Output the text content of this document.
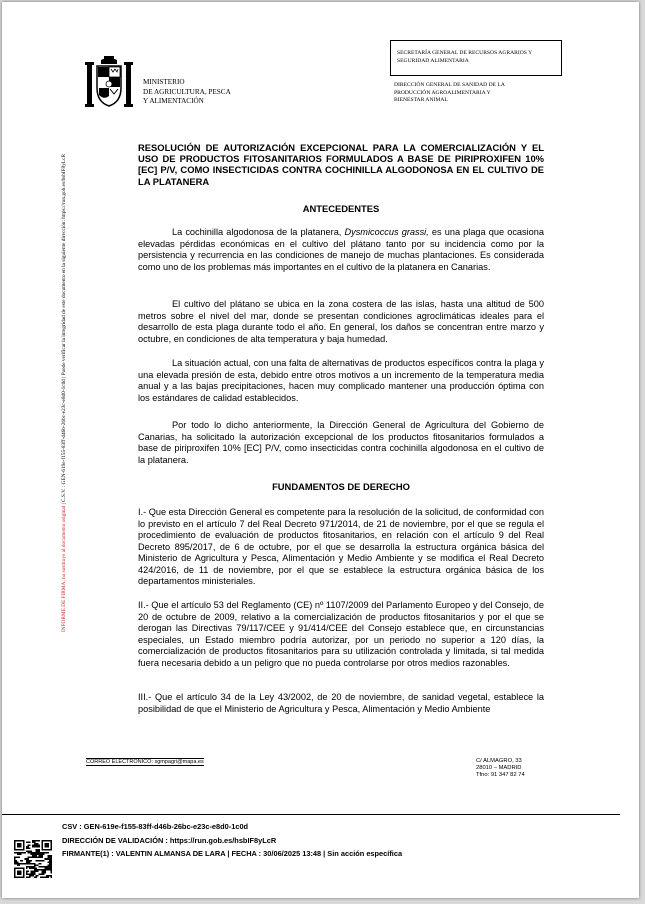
INFORME DE FIRMA, no sustituye al documento original | C.S.V. : GEN-619e-f155-83ff-d46b-26bc-e23c-e8d0-1c0d | Puede verificar la integridad de este documento en la siguiente dirección: https://run.gob.es/hsbIF8yLcR
MINISTERIO
DE AGRICULTURA, PESCA
Y ALIMENTACIÓN
SECRETARÍA GENERAL DE RECURSOS AGRARIOS Y
SEGURIDAD ALIMENTARIA
DIRECCIÓN GENERAL DE SANIDAD DE LA
PRODUCCIÓN AGROALIMENTARIA Y
BIENESTAR ANIMAL
RESOLUCIÓN DE AUTORIZACIÓN EXCEPCIONAL PARA LA COMERCIALIZACIÓN Y EL USO DE PRODUCTOS FITOSANITARIOS FORMULADOS A BASE DE PIRIPROXIFEN 10% [EC] P/V, COMO INSECTICIDAS CONTRA COCHINILLA ALGODONOSA EN EL CULTIVO DE LA PLATANERA
ANTECEDENTES
La cochinilla algodonosa de la platanera, Dysmicoccus grassi, es una plaga que ocasiona elevadas pérdidas económicas en el cultivo del plátano tanto por su incidencia como por la persistencia y recurrencia en las condiciones de manejo de muchas plantaciones. Es considerada como uno de los problemas más importantes en el cultivo de la platanera en Canarias.
El cultivo del plátano se ubica en la zona costera de las islas, hasta una altitud de 500 metros sobre el nivel del mar, donde se presentan condiciones agroclimáticas ideales para el desarrollo de esta plaga durante todo el año. En general, los daños se concentran entre marzo y octubre, en condiciones de alta temperatura y baja humedad.
La situación actual, con una falta de alternativas de productos específicos contra la plaga y una elevada presión de esta, debido entre otros motivos a un incremento de la temperatura media anual y a las bajas precipitaciones, hacen muy complicado mantener una producción óptima con los estándares de calidad establecidos.
Por todo lo dicho anteriormente, la Dirección General de Agricultura del Gobierno de Canarias, ha solicitado la autorización excepcional de los productos fitosanitarios formulados a base de piriproxifen 10% [EC] P/V, como insecticidas contra cochinilla algodonosa en el cultivo de la platanera.
FUNDAMENTOS DE DERECHO
I.- Que esta Dirección General es competente para la resolución de la solicitud, de conformidad con lo previsto en el artículo 7 del Real Decreto 971/2014, de 21 de noviembre, por el que se regula el procedimiento de evaluación de productos fitosanitarios, en relación con el artículo 9 del Real Decreto 895/2017, de 6 de octubre, por el que se desarrolla la estructura orgánica básica del Ministerio de Agricultura y Pesca, Alimentación y Medio Ambiente y se modifica el Real Decreto 424/2016, de 11 de noviembre, por el que se establece la estructura orgánica básica de los departamentos ministeriales.
II.- Que el artículo 53 del Reglamento (CE) nº 1107/2009 del Parlamento Europeo y del Consejo, de 20 de octubre de 2009, relativo a la comercialización de productos fitosanitarios y por el que se derogan las Directivas 79/117/CEE y 91/414/CEE del Consejo establece que, en circunstancias especiales, un Estado miembro podría autorizar, por un periodo no superior a 120 días, la comercialización de productos fitosanitarios para su utilización controlada y limitada, si tal medida fuera necesaria debido a un peligro que no pueda controlarse por otros medios razonables.
III.- Que el artículo 34 de la Ley 43/2002, de 20 de noviembre, de sanidad vegetal, establece la posibilidad de que el Ministerio de Agricultura y Pesca, Alimentación y Medio Ambiente
CORREO ELECTRÓNICO: sgmpagri@mapa.es	C/ ALMAGRO, 33
28010 – MADRID
Tfno: 91 347 82 74
CSV : GEN-619e-f155-83ff-d46b-26bc-e23c-e8d0-1c0d
DIRECCIÓN DE VALIDACIÓN : https://run.gob.es/hsbIF8yLcR
FIRMANTE(1) : VALENTIN ALMANSA DE LARA | FECHA : 30/06/2025 13:48 | Sin acción específica
